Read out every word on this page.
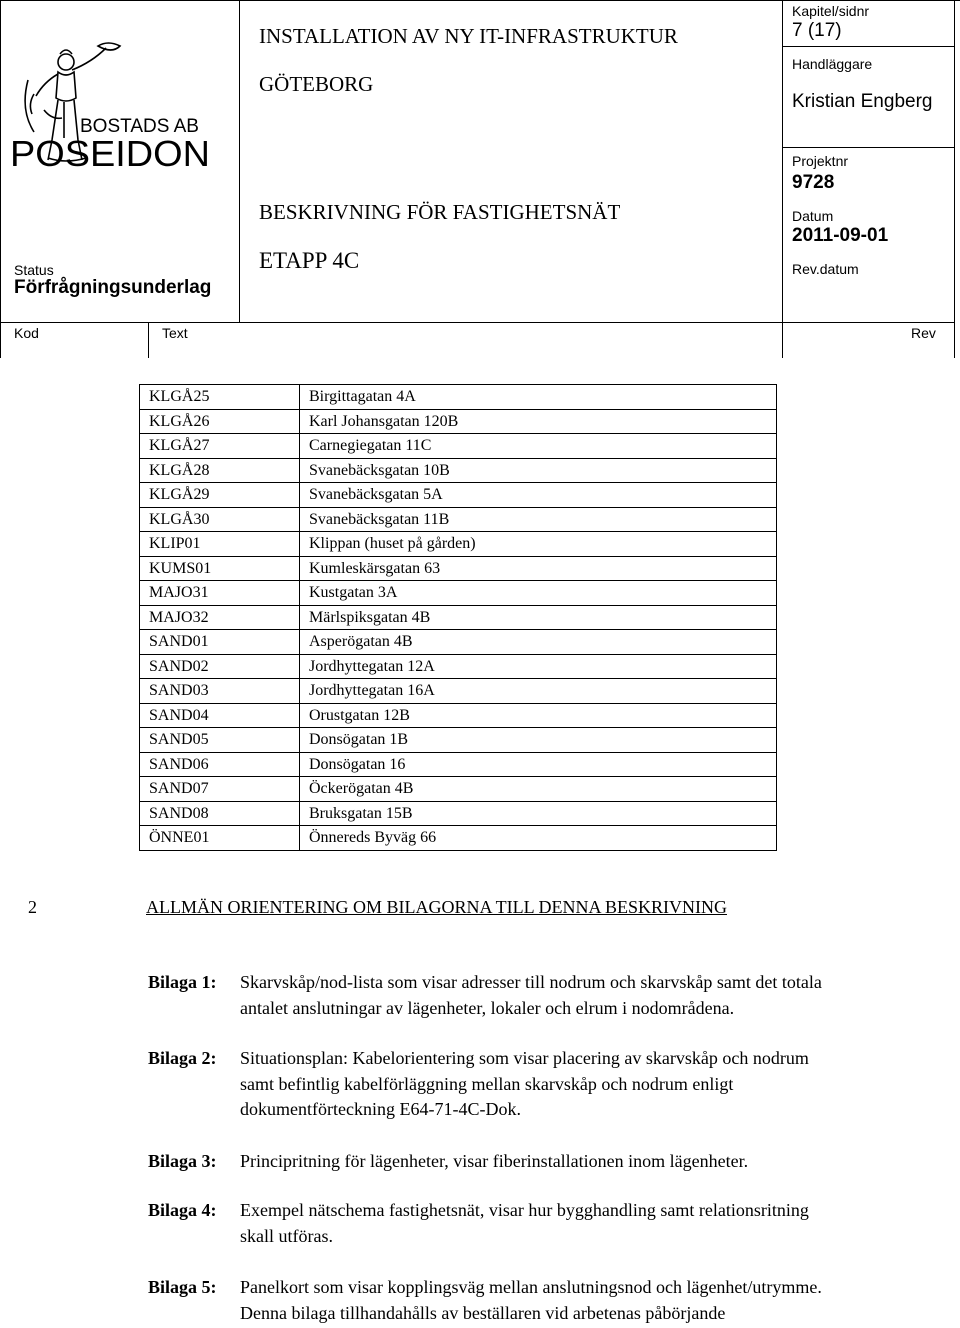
BOSTADS AB
POSEIDON
Status
Förfrågningsunderlag
INSTALLATION AV NY IT-INFRASTRUKTUR
GÖTEBORG
BESKRIVNING FÖR FASTIGHETSNÄT
ETAPP 4C
Kapitel/sidnr
7 (17)
Handläggare
Kristian Engberg
Projektnr
9728
Datum
2011-09-01
Rev.datum
Kod	Text	Rev
KLGÅ25	Birgittagatan 4A
KLGÅ26	Karl Johansgatan 120B
KLGÅ27	Carnegiegatan 11C
KLGÅ28	Svanebäcksgatan 10B
KLGÅ29	Svanebäcksgatan 5A
KLGÅ30	Svanebäcksgatan 11B
KLIP01	Klippan (huset på gården)
KUMS01	Kumleskärsgatan 63
MAJO31	Kustgatan 3A
MAJO32	Märlspiksgatan 4B
SAND01	Asperögatan 4B
SAND02	Jordhyttegatan 12A
SAND03	Jordhyttegatan 16A
SAND04	Orustgatan 12B
SAND05	Donsögatan 1B
SAND06	Donsögatan 16
SAND07	Öckerögatan 4B
SAND08	Bruksgatan 15B
ÖNNE01	Önnereds Byväg 66
2	ALLMÄN ORIENTERING OM BILAGORNA TILL DENNA BESKRIVNING
Bilaga 1: Skarvskåp/nod-lista som visar adresser till nodrum och skarvskåp samt det totala
antalet anslutningar av lägenheter, lokaler och elrum i nodområdena.
Bilaga 2: Situationsplan: Kabelorientering som visar placering av skarvskåp och nodrum
samt befintlig kabelförläggning mellan skarvskåp och nodrum enligt
dokumentförteckning E64-71-4C-Dok.
Bilaga 3: Principritning för lägenheter, visar fiberinstallationen inom lägenheter.
Bilaga 4: Exempel nätschema fastighetsnät, visar hur bygghandling samt relationsritning
skall utföras.
Bilaga 5: Panelkort som visar kopplingsväg mellan anslutningsnod och lägenhet/utrymme.
Denna bilaga tillhandahålls av beställaren vid arbetenas påbörjande
